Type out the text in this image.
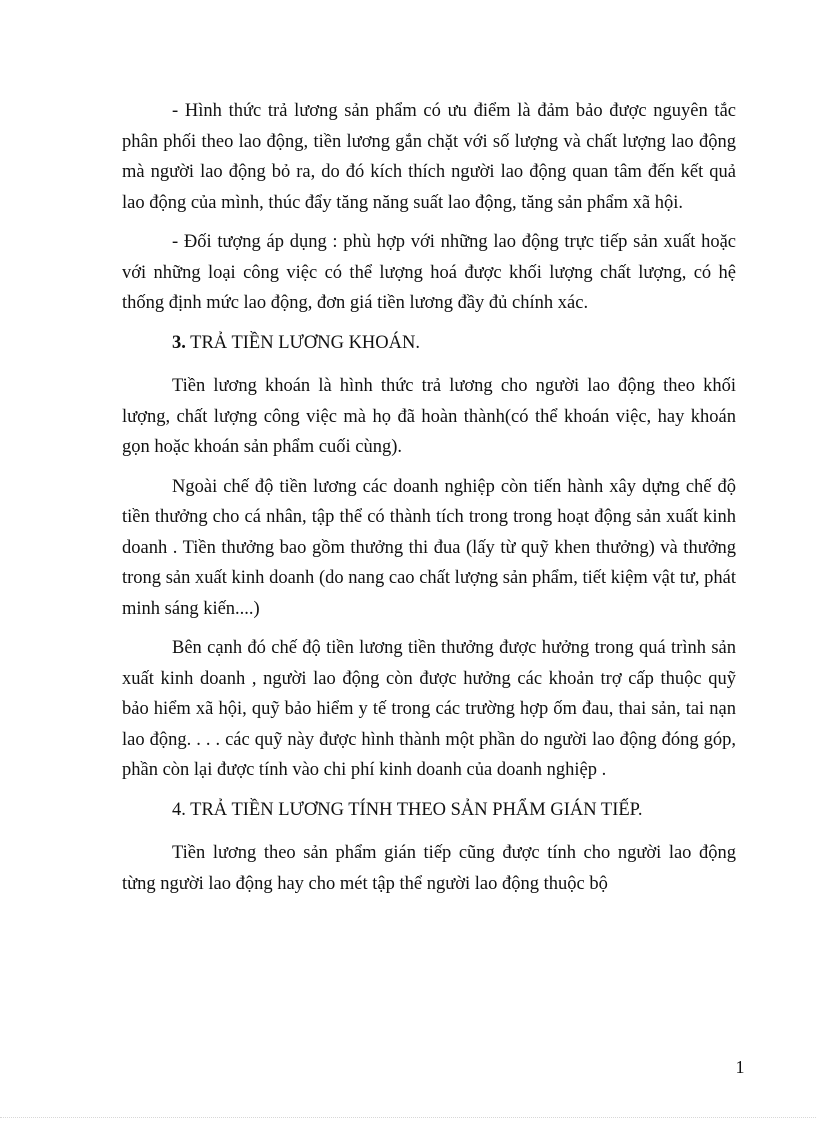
- Hình thức trả lương sản phẩm có ưu điểm là đảm bảo được nguyên tắc phân phối theo lao động, tiền lương gắn chặt với số lượng và chất lượng lao động mà người lao động bỏ ra, do đó kích thích người lao động quan tâm đến kết quả lao động của mình, thúc đẩy tăng năng suất lao động, tăng sản phẩm xã hội.

- Đối tượng áp dụng : phù hợp với những lao động trực tiếp sản xuất hoặc với những loại công việc có thể lượng hoá được khối lượng chất lượng, có hệ thống định mức lao động, đơn giá tiền lương đầy đủ chính xác.

3. TRẢ TIỀN LƯƠNG KHOÁN.

Tiền lương khoán là hình thức trả lương cho người lao động theo khối lượng, chất lượng công việc mà họ đã hoàn thành(có thể khoán việc, hay khoán gọn hoặc khoán sản phẩm cuối cùng).

Ngoài chế độ tiền lương các doanh nghiệp còn tiến hành xây dựng chế độ tiền thưởng cho cá nhân, tập thể có thành tích trong trong hoạt động sản xuất kinh doanh . Tiền thưởng bao gồm thưởng thi đua (lấy từ quỹ khen thưởng) và thưởng trong sản xuất kinh doanh (do nang cao chất lượng sản phẩm, tiết kiệm vật tư, phát minh sáng kiến....)

Bên cạnh đó chế độ tiền lương tiền thưởng được hưởng trong quá trình sản xuất kinh doanh , người lao động còn được hưởng các khoản trợ cấp thuộc quỹ bảo hiểm xã hội, quỹ bảo hiểm y tế trong các trường hợp ốm đau, thai sản, tai nạn lao động. . . . các quỹ này được hình thành một phần do người lao động đóng góp, phần còn lại được tính vào chi phí kinh doanh của doanh nghiệp .

4. TRẢ TIỀN LƯƠNG TÍNH THEO SẢN PHẨM GIÁN TIẾP.

Tiền lương theo sản phẩm gián tiếp cũng được tính cho người lao động từng người lao động hay cho mét tập thể người lao động thuộc bộ

1
